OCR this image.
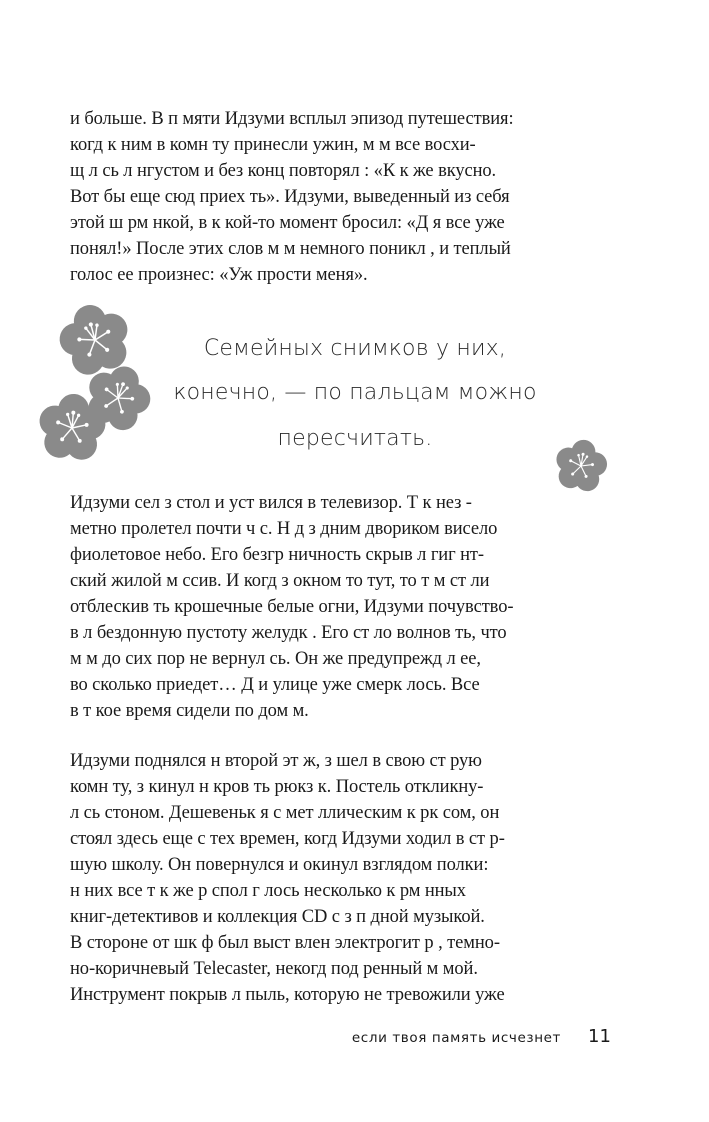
и больше. В п мяти Идзуми всплыл эпизод путешествия:
когд к ним в комн ту принесли ужин, м м все восхи-
щ л сь л нгустом и без конц повторял : «К к же вкусно.
Вот бы еще сюд приех ть». Идзуми, выведенный из себя
этой ш рм нкой, в к кой-то момент бросил: «Д я все уже
понял!» После этих слов м м немного поникл , и теплый
голос ее произнес: «Уж прости меня».
Семейных снимков у них,
конечно, — по пальцам можно
пересчитать.
Идзуми сел з стол и уст вился в телевизор. Т к нез -
метно пролетел почти ч с. Н д з дним двориком висело
фиолетовое небо. Его безгр ничность скрыв л гиг нт-
ский жилой м ссив. И когд з окном то тут, то т м ст ли
отблескив ть крошечные белые огни, Идзуми почувство-
в л бездонную пустоту желудк . Его ст ло волнов ть, что
м м до сих пор не вернул сь. Он же предупрежд л ее,
во сколько приедет… Д и улице уже смерк лось. Все
в т кое время сидели по дом м.
Идзуми поднялся н второй эт ж, з шел в свою ст рую
комн ту, з кинул н кров ть рюкз к. Постель откликну-
л сь стоном. Дешевеньк я с мет ллическим к рк сом, он
стоял здесь еще с тех времен, когд Идзуми ходил в ст р-
шую школу. Он повернулся и окинул взглядом полки:
н них все т к же р спол г лось несколько к рм нных
книг-детективов и коллекция CD с з п дной музыкой.
В стороне от шк ф был выст влен электрогит р , темно-
но-коричневый Telecaster, некогд под ренный м мой.
Инструмент покрыв л пыль, которую не тревожили уже
если твоя память исчезнет 11
